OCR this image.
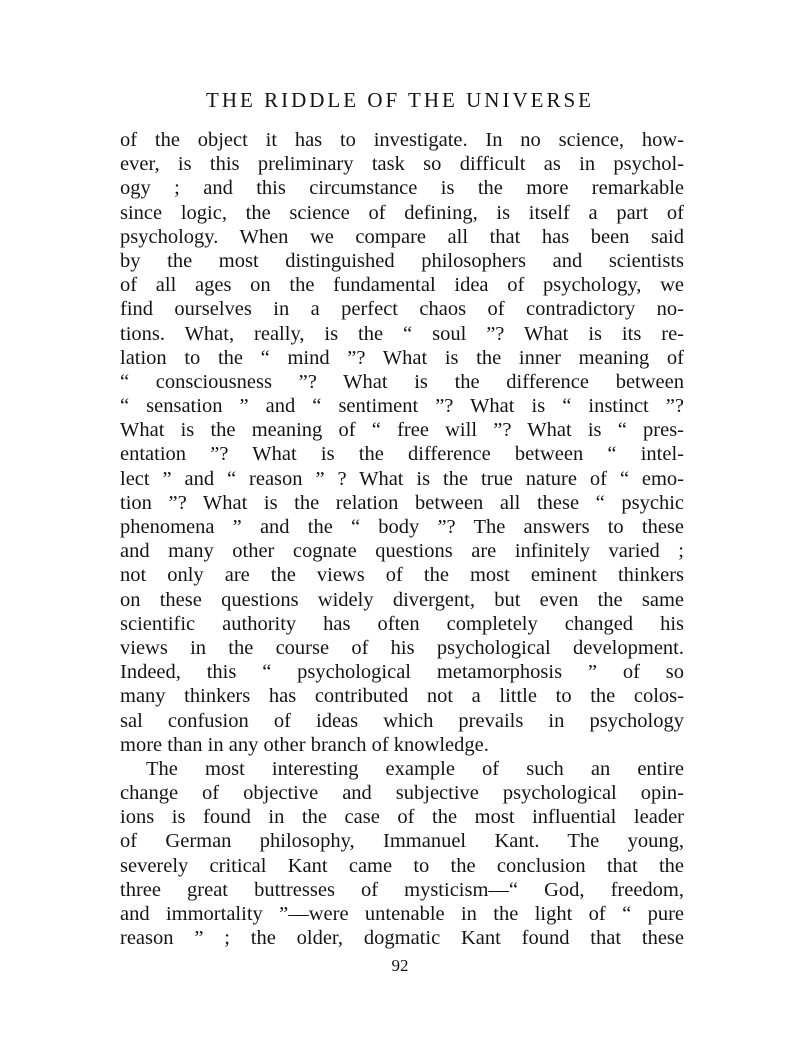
THE RIDDLE OF THE UNIVERSE
of the object it has to investigate. In no science, how-
ever, is this preliminary task so difficult as in psychol-
ogy ; and this circumstance is the more remarkable
since logic, the science of defining, is itself a part of
psychology. When we compare all that has been said
by the most distinguished philosophers and scientists
of all ages on the fundamental idea of psychology, we
find ourselves in a perfect chaos of contradictory no-
tions. What, really, is the “ soul ”? What is its re-
lation to the “ mind ”? What is the inner meaning of
“ consciousness ”? What is the difference between
“ sensation ” and “ sentiment ”? What is “ instinct ”?
What is the meaning of “ free will ”? What is “ pres-
entation ”? What is the difference between “ intel-
lect ” and “ reason ” ? What is the true nature of “ emo-
tion ”? What is the relation between all these “ psychic
phenomena ” and the “ body ”? The answers to these
and many other cognate questions are infinitely varied ;
not only are the views of the most eminent thinkers
on these questions widely divergent, but even the same
scientific authority has often completely changed his
views in the course of his psychological development.
Indeed, this “ psychological metamorphosis ” of so
many thinkers has contributed not a little to the colos-
sal confusion of ideas which prevails in psychology
more than in any other branch of knowledge.
The most interesting example of such an entire
change of objective and subjective psychological opin-
ions is found in the case of the most influential leader
of German philosophy, Immanuel Kant. The young,
severely critical Kant came to the conclusion that the
three great buttresses of mysticism—“ God, freedom,
and immortality ”—were untenable in the light of “ pure
reason ” ; the older, dogmatic Kant found that these
92
